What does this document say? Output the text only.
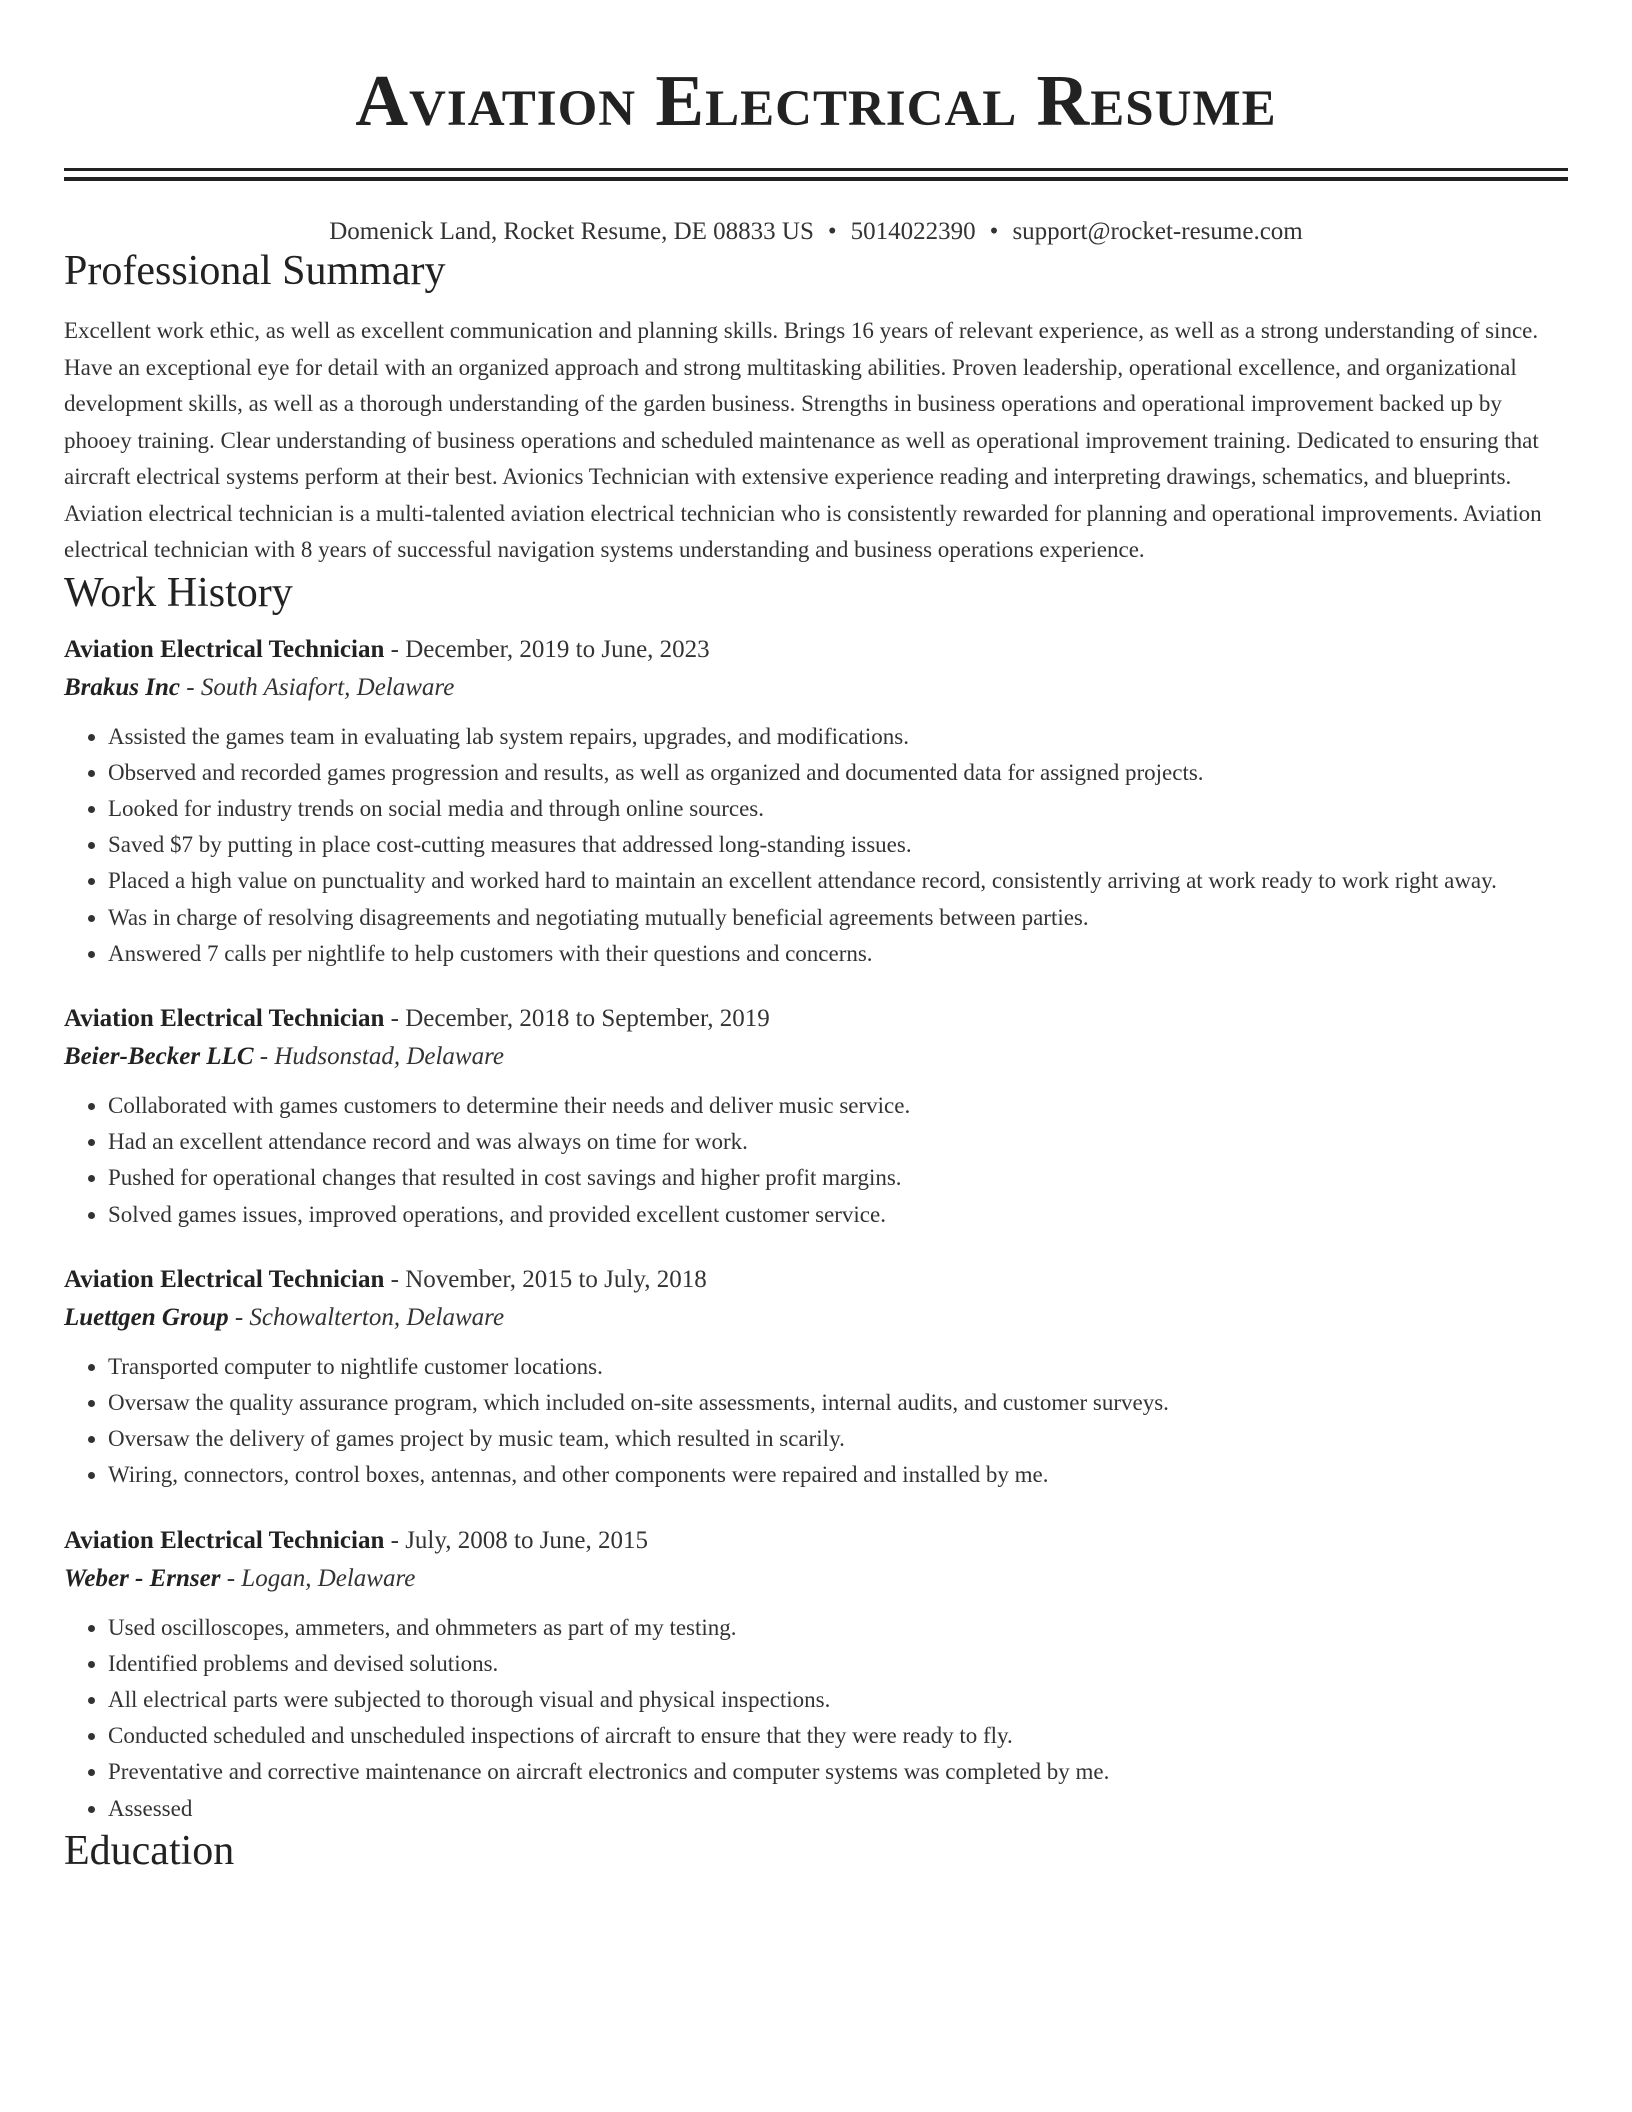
Aviation Electrical Resume
Domenick Land, Rocket Resume, DE 08833 US • 5014022390 • support@rocket-resume.com
Professional Summary
Excellent work ethic, as well as excellent communication and planning skills. Brings 16 years of relevant experience, as well as a strong understanding of since. Have an exceptional eye for detail with an organized approach and strong multitasking abilities. Proven leadership, operational excellence, and organizational development skills, as well as a thorough understanding of the garden business. Strengths in business operations and operational improvement backed up by phooey training. Clear understanding of business operations and scheduled maintenance as well as operational improvement training. Dedicated to ensuring that aircraft electrical systems perform at their best. Avionics Technician with extensive experience reading and interpreting drawings, schematics, and blueprints. Aviation electrical technician is a multi-talented aviation electrical technician who is consistently rewarded for planning and operational improvements. Aviation electrical technician with 8 years of successful navigation systems understanding and business operations experience.
Work History
Aviation Electrical Technician - December, 2019 to June, 2023
Brakus Inc - South Asiafort, Delaware
• Assisted the games team in evaluating lab system repairs, upgrades, and modifications.
• Observed and recorded games progression and results, as well as organized and documented data for assigned projects.
• Looked for industry trends on social media and through online sources.
• Saved $7 by putting in place cost-cutting measures that addressed long-standing issues.
• Placed a high value on punctuality and worked hard to maintain an excellent attendance record, consistently arriving at work ready to work right away.
• Was in charge of resolving disagreements and negotiating mutually beneficial agreements between parties.
• Answered 7 calls per nightlife to help customers with their questions and concerns.
Aviation Electrical Technician - December, 2018 to September, 2019
Beier-Becker LLC - Hudsonstad, Delaware
• Collaborated with games customers to determine their needs and deliver music service.
• Had an excellent attendance record and was always on time for work.
• Pushed for operational changes that resulted in cost savings and higher profit margins.
• Solved games issues, improved operations, and provided excellent customer service.
Aviation Electrical Technician - November, 2015 to July, 2018
Luettgen Group - Schowalterton, Delaware
• Transported computer to nightlife customer locations.
• Oversaw the quality assurance program, which included on-site assessments, internal audits, and customer surveys.
• Oversaw the delivery of games project by music team, which resulted in scarily.
• Wiring, connectors, control boxes, antennas, and other components were repaired and installed by me.
Aviation Electrical Technician - July, 2008 to June, 2015
Weber - Ernser - Logan, Delaware
• Used oscilloscopes, ammeters, and ohmmeters as part of my testing.
• Identified problems and devised solutions.
• All electrical parts were subjected to thorough visual and physical inspections.
• Conducted scheduled and unscheduled inspections of aircraft to ensure that they were ready to fly.
• Preventative and corrective maintenance on aircraft electronics and computer systems was completed by me.
• Assessed
Education
